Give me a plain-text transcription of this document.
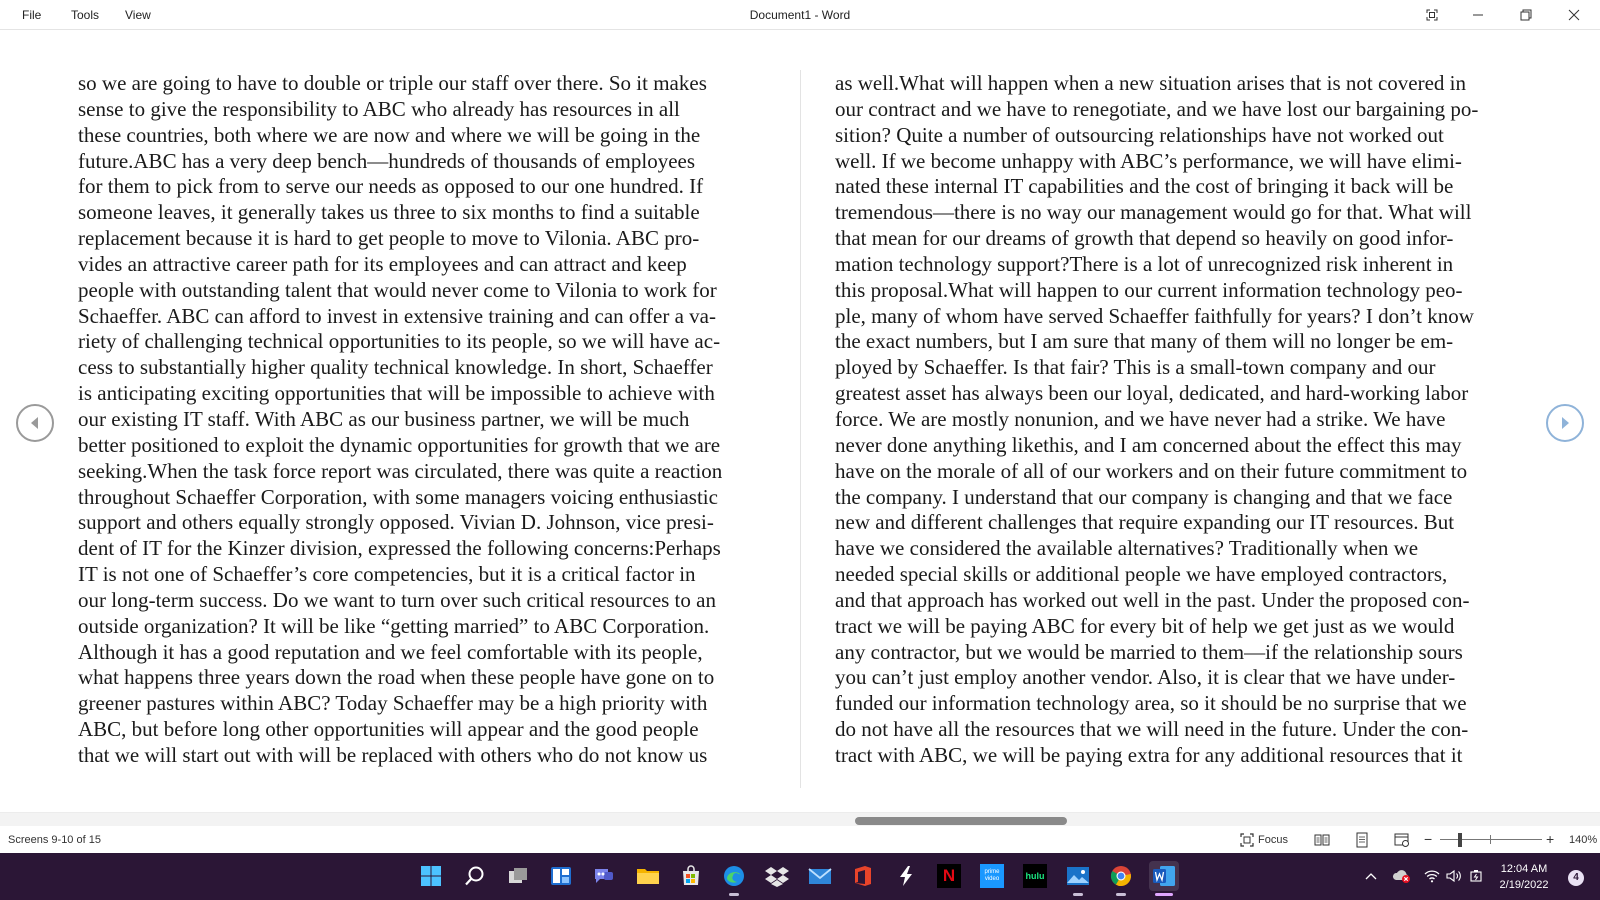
File Tools View	Document1 - Word
so we are going to have to double or triple our staff over there. So it makes
sense to give the responsibility to ABC who already has resources in all
these countries, both where we are now and where we will be going in the
future.ABC has a very deep bench—hundreds of thousands of employees
for them to pick from to serve our needs as opposed to our one hundred. If
someone leaves, it generally takes us three to six months to find a suitable
replacement because it is hard to get people to move to Vilonia. ABC pro-
vides an attractive career path for its employees and can attract and keep
people with outstanding talent that would never come to Vilonia to work for
Schaeffer. ABC can afford to invest in extensive training and can offer a va-
riety of challenging technical opportunities to its people, so we will have ac-
cess to substantially higher quality technical knowledge. In short, Schaeffer
is anticipating exciting opportunities that will be impossible to achieve with
our existing IT staff. With ABC as our business partner, we will be much
better positioned to exploit the dynamic opportunities for growth that we are
seeking.When the task force report was circulated, there was quite a reaction
throughout Schaeffer Corporation, with some managers voicing enthusiastic
support and others equally strongly opposed. Vivian D. Johnson, vice presi-
dent of IT for the Kinzer division, expressed the following concerns:Perhaps
IT is not one of Schaeffer’s core competencies, but it is a critical factor in
our long-term success. Do we want to turn over such critical resources to an
outside organization? It will be like “getting married” to ABC Corporation.
Although it has a good reputation and we feel comfortable with its people,
what happens three years down the road when these people have gone on to
greener pastures within ABC? Today Schaeffer may be a high priority with
ABC, but before long other opportunities will appear and the good people
that we will start out with will be replaced with others who do not know us
as well.What will happen when a new situation arises that is not covered in
our contract and we have to renegotiate, and we have lost our bargaining po-
sition? Quite a number of outsourcing relationships have not worked out
well. If we become unhappy with ABC’s performance, we will have elimi-
nated these internal IT capabilities and the cost of bringing it back will be
tremendous—there is no way our management would go for that. What will
that mean for our dreams of growth that depend so heavily on good infor-
mation technology support?There is a lot of unrecognized risk inherent in
this proposal.What will happen to our current information technology peo-
ple, many of whom have served Schaeffer faithfully for years? I don’t know
the exact numbers, but I am sure that many of them will no longer be em-
ployed by Schaeffer. Is that fair? This is a small-town company and our
greatest asset has always been our loyal, dedicated, and hard-working labor
force. We are mostly nonunion, and we have never had a strike. We have
never done anything likethis, and I am concerned about the effect this may
have on the morale of all of our workers and on their future commitment to
the company. I understand that our company is changing and that we face
new and different challenges that require expanding our IT resources. But
have we considered the available alternatives? Traditionally when we
needed special skills or additional people we have employed contractors,
and that approach has worked out well in the past. Under the proposed con-
tract we will be paying ABC for every bit of help we get just as we would
any contractor, but we would be married to them—if the relationship sours
you can’t just employ another vendor. Also, it is clear that we have under-
funded our information technology area, so it should be no surprise that we
do not have all the resources that we will need in the future. Under the con-
tract with ABC, we will be paying extra for any additional resources that it
Screens 9-10 of 15	Focus	−	+ 140%
N	prime video	hulu
12:04 AM
2/19/2022
4
